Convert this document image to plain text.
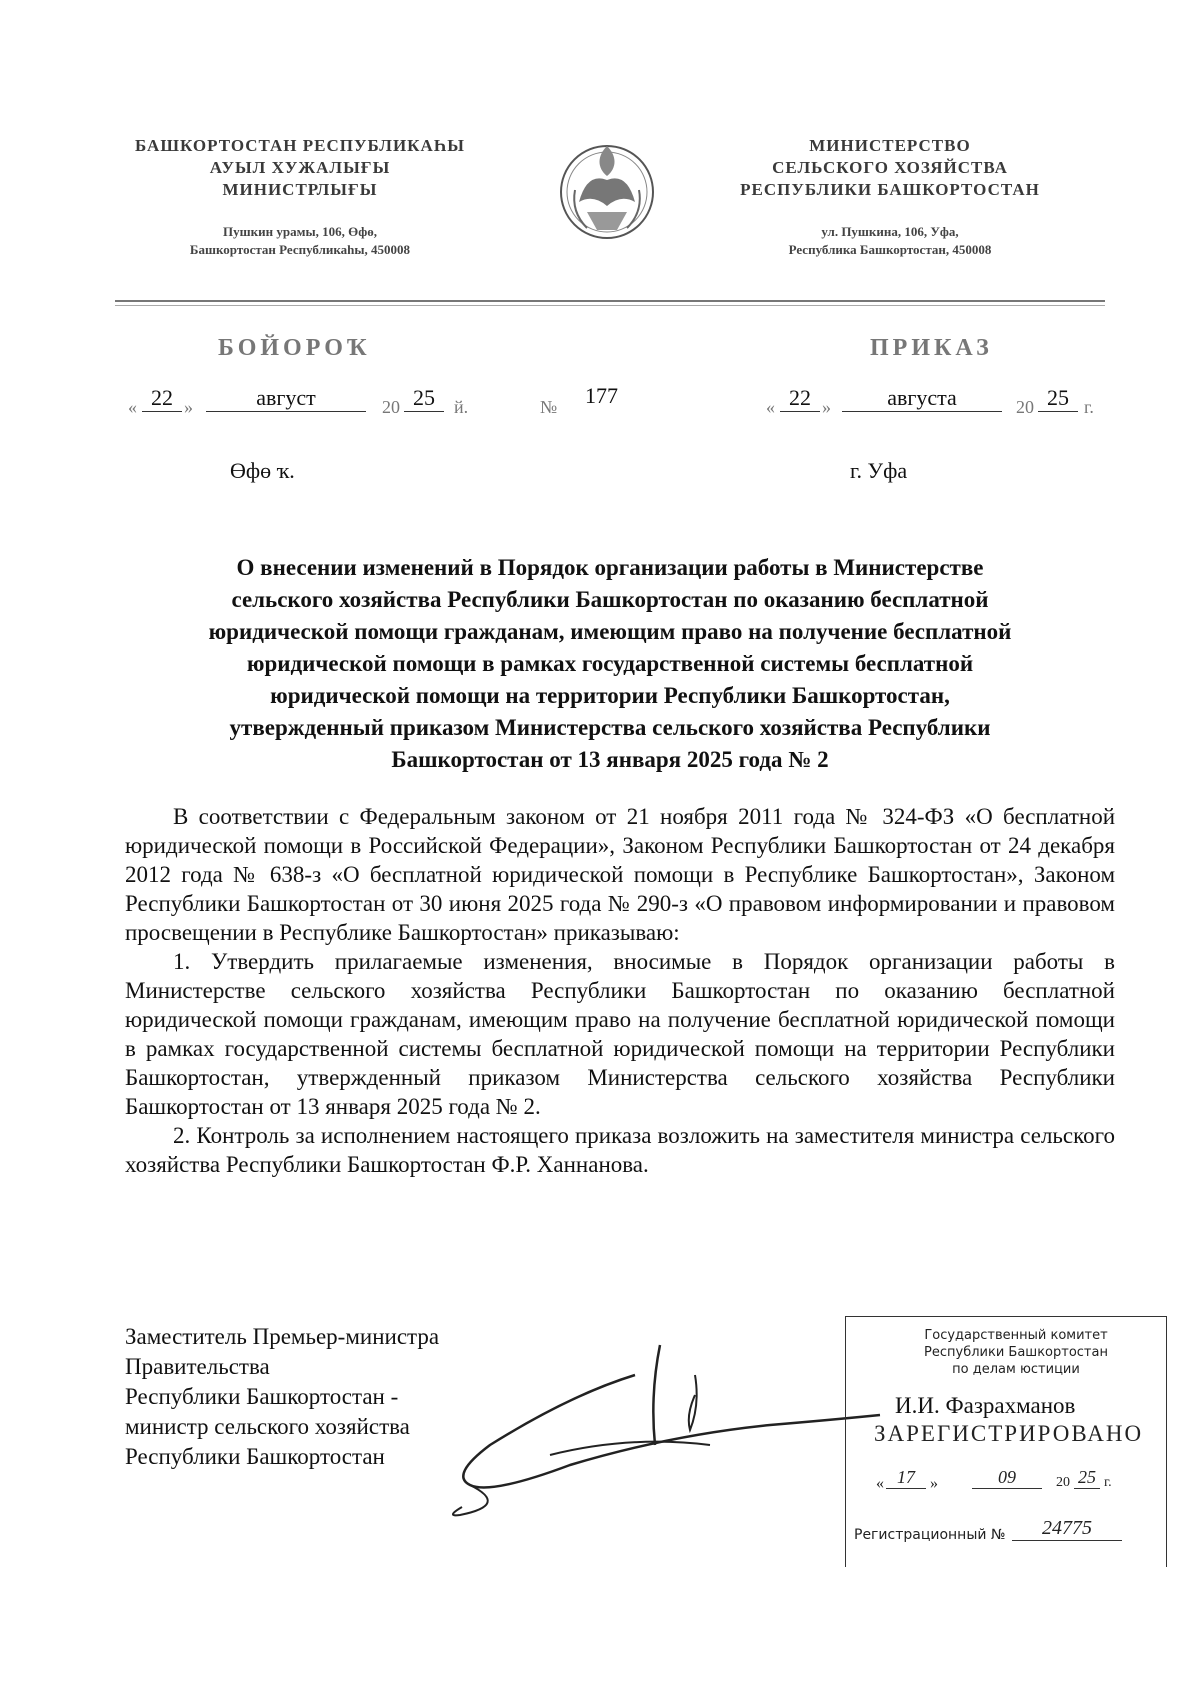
БАШКОРТОСТАН РЕСПУБЛИКАҺЫ
АУЫЛ ХУЖАЛЫҒЫ
МИНИСТРЛЫҒЫ
Пушкин урамы, 106, Өфө,
Башкортостан Республикаһы, 450008
МИНИСТЕРСТВО
СЕЛЬСКОГО ХОЗЯЙСТВА
РЕСПУБЛИКИ БАШКОРТОСТАН
ул. Пушкина, 106, Уфа,
Республика Башкортостан, 450008
БОЙОРОҠ	ПРИКАЗ
« 22 »	август	20 25	й.	№ 177	« 22 »	августа	20 25 г.
Өфө ҡ.	г. Уфа
О внесении изменений в Порядок организации работы в Министерстве
сельского хозяйства Республики Башкортостан по оказанию бесплатной
юридической помощи гражданам, имеющим право на получение бесплатной
юридической помощи в рамках государственной системы бесплатной
юридической помощи на территории Республики Башкортостан,
утвержденный приказом Министерства сельского хозяйства Республики
Башкортостан от 13 января 2025 года № 2

В соответствии с Федеральным законом от 21 ноября 2011 года № 324-ФЗ «О бесплатной юридической помощи в Российской Федерации», Законом Республики Башкортостан от 24 декабря 2012 года № 638-з «О бесплатной юридической помощи в Республике Башкортостан», Законом Республики Башкортостан от 30 июня 2025 года № 290-з «О правовом информировании и правовом просвещении в Республике Башкортостан» приказываю:

1. Утвердить прилагаемые изменения, вносимые в Порядок организации работы в Министерстве сельского хозяйства Республики Башкортостан по оказанию бесплатной юридической помощи гражданам, имеющим право на получение бесплатной юридической помощи в рамках государственной системы бесплатной юридической помощи на территории Республики Башкортостан, утвержденный приказом Министерства сельского хозяйства Республики Башкортостан от 13 января 2025 года № 2.

2. Контроль за исполнением настоящего приказа возложить на заместителя министра сельского хозяйства Республики Башкортостан Ф.Р. Ханнанова.

Заместитель Премьер-министра
Правительства
Республики Башкортостан -
министр сельского хозяйства
Республики Башкортостан
И.И. Фазрахманов
Государственный комитет
Республики Башкортостан
по делам юстиции
ЗАРЕГИСТРИРОВАНО
« 17 »	09	20 25 г.
Регистрационный №	24775
